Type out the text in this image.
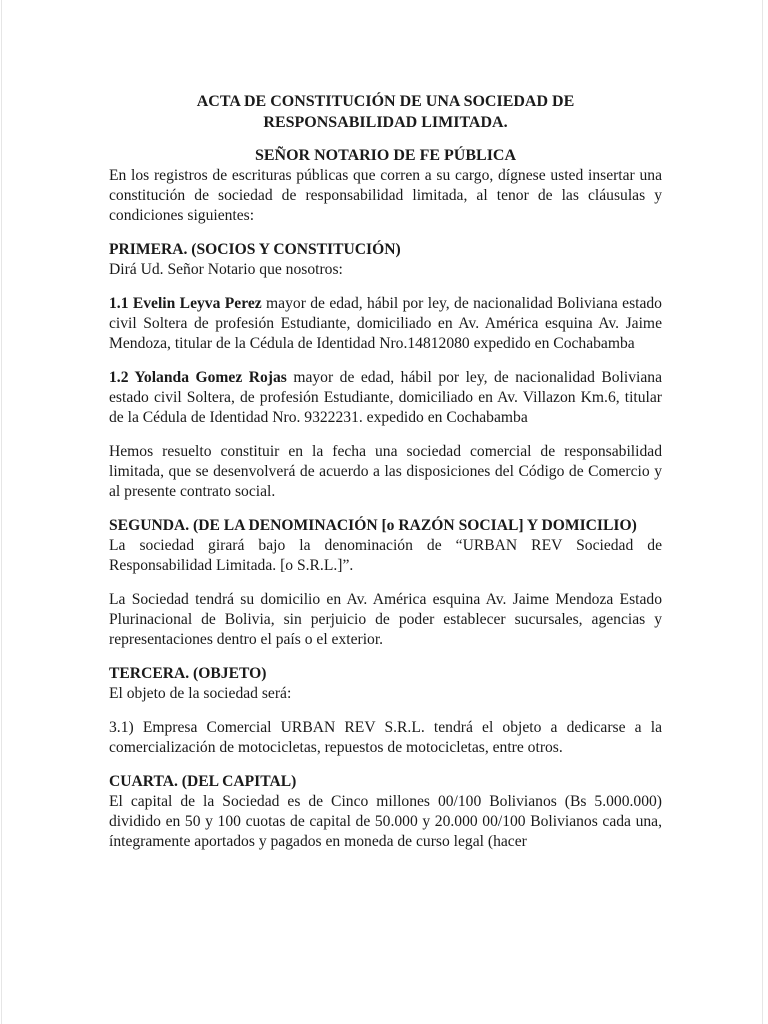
ACTA DE CONSTITUCIÓN DE UNA SOCIEDAD DE
RESPONSABILIDAD LIMITADA.
SEÑOR NOTARIO DE FE PÚBLICA

En los registros de escrituras públicas que corren a su cargo, dígnese usted insertar una constitución de sociedad de responsabilidad limitada, al tenor de las cláusulas y condiciones siguientes:

PRIMERA. (SOCIOS Y CONSTITUCIÓN)

Dirá Ud. Señor Notario que nosotros:

1.1 Evelin Leyva Perez mayor de edad, hábil por ley, de nacionalidad Boliviana estado civil Soltera de profesión Estudiante, domiciliado en Av. América esquina Av. Jaime Mendoza, titular de la Cédula de Identidad Nro.14812080 expedido en Cochabamba

1.2 Yolanda Gomez Rojas mayor de edad, hábil por ley, de nacionalidad Boliviana estado civil Soltera, de profesión Estudiante, domiciliado en Av. Villazon Km.6, titular de la Cédula de Identidad Nro. 9322231. expedido en Cochabamba

Hemos resuelto constituir en la fecha una sociedad comercial de responsabilidad limitada, que se desenvolverá de acuerdo a las disposiciones del Código de Comercio y al presente contrato social.

SEGUNDA. (DE LA DENOMINACIÓN [o RAZÓN SOCIAL] Y DOMICILIO)

La sociedad girará bajo la denominación de “URBAN REV Sociedad de Responsabilidad Limitada. [o S.R.L.]”.

La Sociedad tendrá su domicilio en Av. América esquina Av. Jaime Mendoza Estado Plurinacional de Bolivia, sin perjuicio de poder establecer sucursales, agencias y representaciones dentro el país o el exterior.

TERCERA. (OBJETO)

El objeto de la sociedad será:

3.1) Empresa Comercial URBAN REV S.R.L. tendrá el objeto a dedicarse a la comercialización de motocicletas, repuestos de motocicletas, entre otros.

CUARTA. (DEL CAPITAL)

El capital de la Sociedad es de Cinco millones 00/100 Bolivianos (Bs 5.000.000) dividido en 50 y 100 cuotas de capital de 50.000 y 20.000 00/100 Bolivianos cada una, íntegramente aportados y pagados en moneda de curso legal (hacer
